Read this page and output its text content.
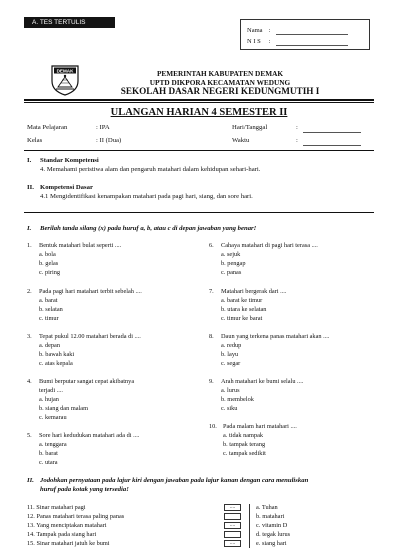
A. TES TERTULIS
Nama :
N I S :
DEMAK	PEMERINTAH KABUPATEN DEMAK
UPTD DIKPORA KECAMATAN WEDUNG
SEKOLAH DASAR NEGERI KEDUNGMUTIH I
ULANGAN HARIAN 4 SEMESTER II
Mata Pelajaran	: IPA	Hari/Tanggal	:
Kelas	: II (Dua)	Waktu	:
I. Standar Kompetensi
4. Memahami peristiwa alam dan pengaruh matahari dalam kehidupan sehari-hari.
II. Kompetensi Dasar
4.1 Mengidentifikasi kenampakan matahari pada pagi hari, siang, dan sore hari.
I. Berilah tanda silang (x) pada huruf a, b, atau c di depan jawaban yang benar!
1. Bentuk matahari bulat seperti ....
a. bola
b. gelas
c. piring
2. Pada pagi hari matahari terbit sebelah ....
a. barat
b. selatan
c. timur
3. Tepat pukul 12.00 matahari berada di ....
a. depan
b. bawah kaki
c. atas kepala
4. Bumi berputar sangat cepat akibatnya
terjadi ....
a. hujan
b. siang dan malam
c. kemarau
5. Sore hari kedudukan matahari ada di ....
a. tenggara
b. barat
c. utara
6. Cahaya matahari di pagi hari terasa ....
a. sejuk
b. pengap
c. panas
7. Matahari bergerak dari ....
a. barat ke timur
b. utara ke selatan
c. timur ke barat
8. Daun yang terkena panas matahari akan ....
a. redup
b. layu
c. segar
9. Arah matahari ke bumi selalu ....
a. lurus
b. membelok
c. siku
10. Pada malam hari matahari ....
a. tidak nampak
b. tampak terang
c. tampak sedikit
II. Jodohkan pernyataan pada lajur kiri dengan jawaban pada lajur kanan dengan cara menuliskan
huruf pada kotak yang tersedia!
11. Sinar matahari pagi	....	a. Tuhan
12. Panas matahari terasa paling panas	b. matahari
13. Yang menciptakan matahari	....	c. vitamin D
14. Tampak pada siang hari	d. tegak lurus
15. Sinar matahari jatuh ke bumi	....	e. siang hari
